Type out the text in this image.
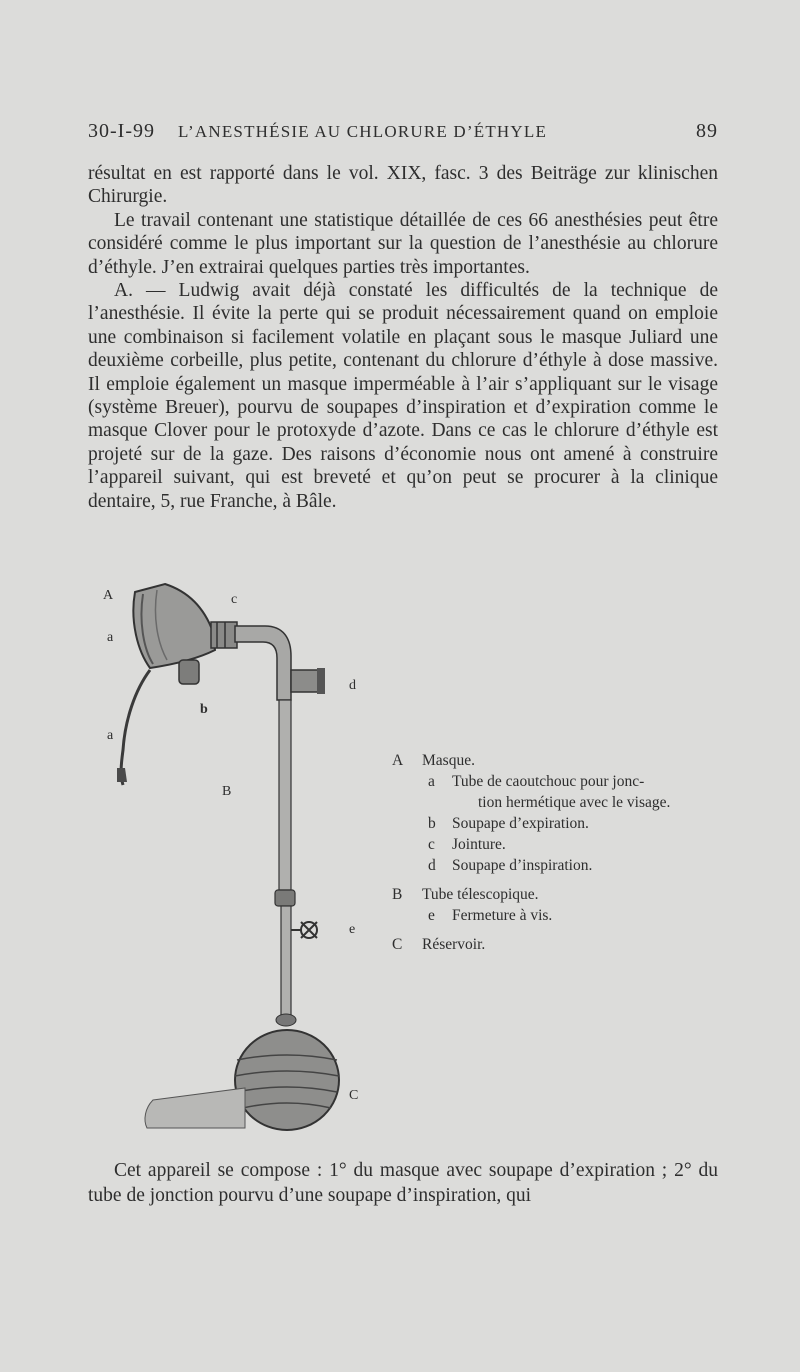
30-I-99 L’ANESTHÉSIE AU CHLORURE D’ÉTHYLE	89

résultat en est rapporté dans le vol. XIX, fasc. 3 des Beiträge zur klinischen Chirurgie.

Le travail contenant une statistique détaillée de ces 66 anesthésies peut être considéré comme le plus important sur la question de l’anesthésie au chlorure d’éthyle. J’en extrairai quelques parties très importantes.

A. — Ludwig avait déjà constaté les difficultés de la technique de l’anesthésie. Il évite la perte qui se produit nécessairement quand on emploie une combinaison si facilement volatile en plaçant sous le masque Juliard une deuxième corbeille, plus petite, contenant du chlorure d’éthyle à dose massive. Il emploie également un masque imperméable à l’air s’appliquant sur le visage (système Breuer), pourvu de soupapes d’inspiration et d’expiration comme le masque Clover pour le protoxyde d’azote. Dans ce cas le chlorure d’éthyle est projeté sur de la gaze. Des raisons d’économie nous ont amené à construire l’appareil suivant, qui est breveté et qu’on peut se procurer à la clinique dentaire, 5, rue Franche, à Bâle.

A	c
a
d
b
a
B
e
C
A	Masque.
a	Tube de caoutchouc pour jonc-
tion hermétique avec le visage.
b	Soupape d’expiration.
c	Jointure.
d	Soupape d’inspiration.
B	Tube télescopique.
e	Fermeture à vis.
C	Réservoir.

Cet appareil se compose : 1° du masque avec soupape d’expiration ; 2° du tube de jonction pourvu d’une soupape d’inspiration, qui
